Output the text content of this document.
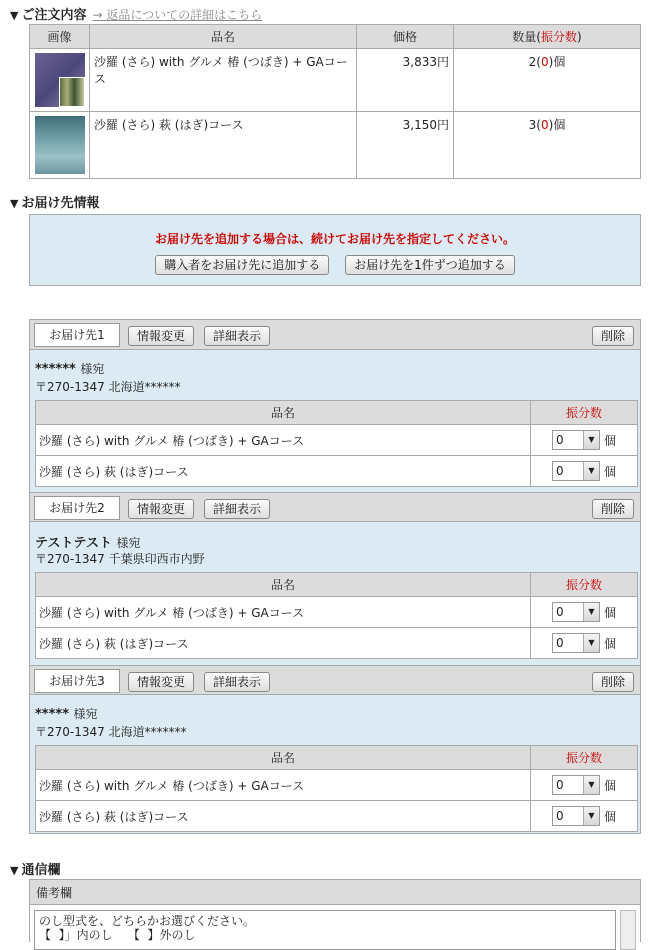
▼ ご注文内容 → 返品についての詳細はこちら
画像	品名	価格	数量(振分数)

	沙羅 (さら) with グルメ 椿 (つばき) + GAコース	3,833円	2(0)個

	沙羅 (さら) 萩 (はぎ)コース	3,150円	3(0)個
▼ お届け先情報
お届け先を追加する場合は、続けてお届け先を指定してください。
購入者をお届け先に追加する	お届け先を1件ずつ追加する
お届け先1	情報変更	詳細表示	削除
****** 様宛
〒270-1347 北海道******
品名	振分数
沙羅 (さら) with グルメ 椿 (つばき) + GAコース	0 ▼ 個
沙羅 (さら) 萩 (はぎ)コース	0 ▼ 個
お届け先2	情報変更	詳細表示	削除
テストテスト 様宛
〒270-1347 千葉県印西市内野
品名	振分数
沙羅 (さら) with グルメ 椿 (つばき) + GAコース	0 ▼ 個
沙羅 (さら) 萩 (はぎ)コース	0 ▼ 個
お届け先3	情報変更	詳細表示	削除
***** 様宛
〒270-1347 北海道*******
品名	振分数
沙羅 (さら) with グルメ 椿 (つばき) + GAコース	0 ▼ 個
沙羅 (さら) 萩 (はぎ)コース	0 ▼ 個
▼ 通信欄
備考欄
のし型式を、どちらかお選びください。
【  】」内のし    【  】外のし
